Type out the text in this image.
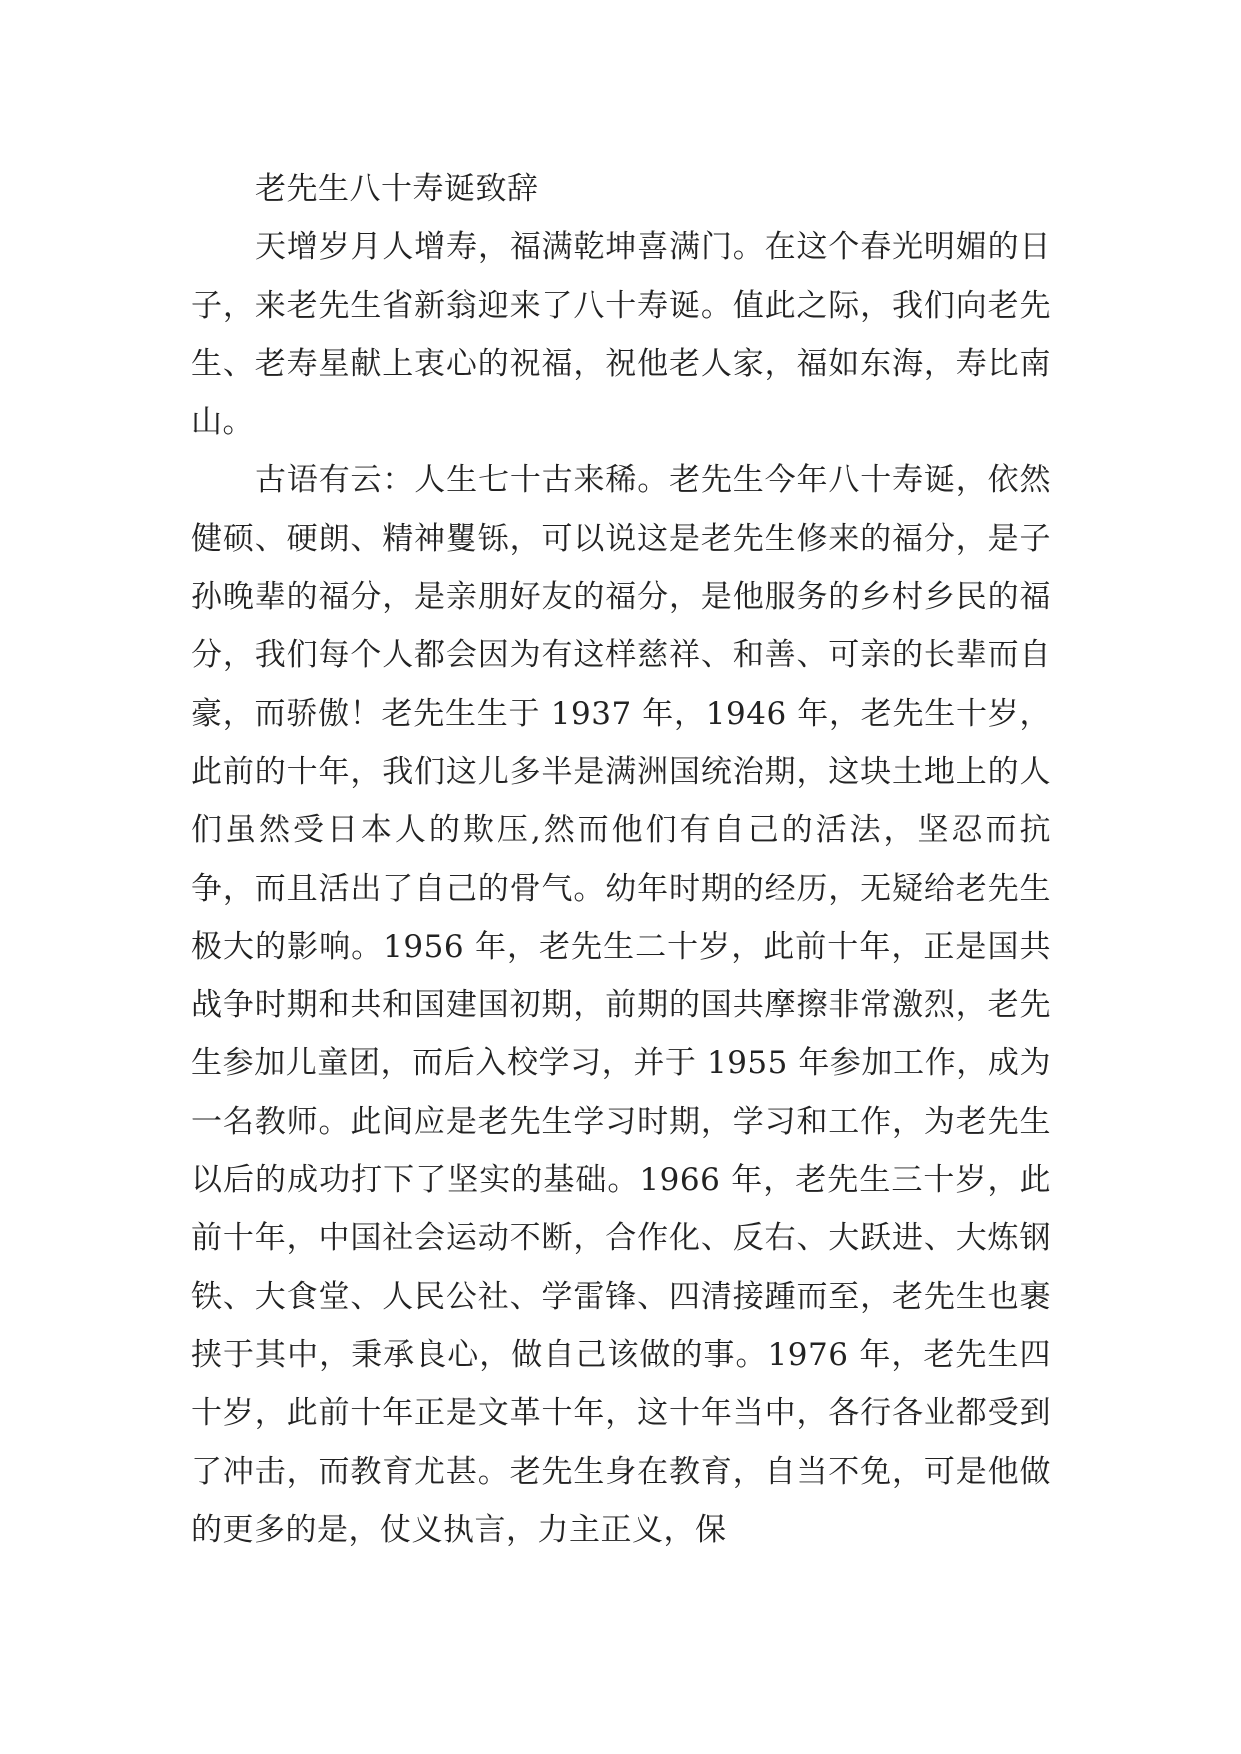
老先生八十寿诞致辞

天增岁月人增寿，福满乾坤喜满门。在这个春光明媚的日子，来老先生省新翁迎来了八十寿诞。值此之际，我们向老先生、老寿星献上衷心的祝福，祝他老人家，福如东海，寿比南山。

古语有云：人生七十古来稀。老先生今年八十寿诞，依然健硕、硬朗、精神矍铄，可以说这是老先生修来的福分，是子孙晚辈的福分，是亲朋好友的福分，是他服务的乡村乡民的福分，我们每个人都会因为有这样慈祥、和善、可亲的长辈而自豪，而骄傲！老先生生于 1937 年，1946 年，老先生十岁，此前的十年，我们这儿多半是满洲国统治期，这块土地上的人们虽然受日本人的欺压,然而他们有自己的活法，坚忍而抗争，而且活出了自己的骨气。幼年时期的经历，无疑给老先生极大的影响。1956 年，老先生二十岁，此前十年，正是国共战争时期和共和国建国初期，前期的国共摩擦非常激烈，老先生参加儿童团，而后入校学习，并于 1955 年参加工作，成为一名教师。此间应是老先生学习时期，学习和工作，为老先生以后的成功打下了坚实的基础。1966 年，老先生三十岁，此前十年，中国社会运动不断，合作化、反右、大跃进、大炼钢铁、大食堂、人民公社、学雷锋、四清接踵而至，老先生也裹挟于其中，秉承良心，做自己该做的事。1976 年，老先生四十岁，此前十年正是文革十年，这十年当中，各行各业都受到了冲击，而教育尤甚。老先生身在教育，自当不免，可是他做的更多的是，仗义执言，力主正义，保
